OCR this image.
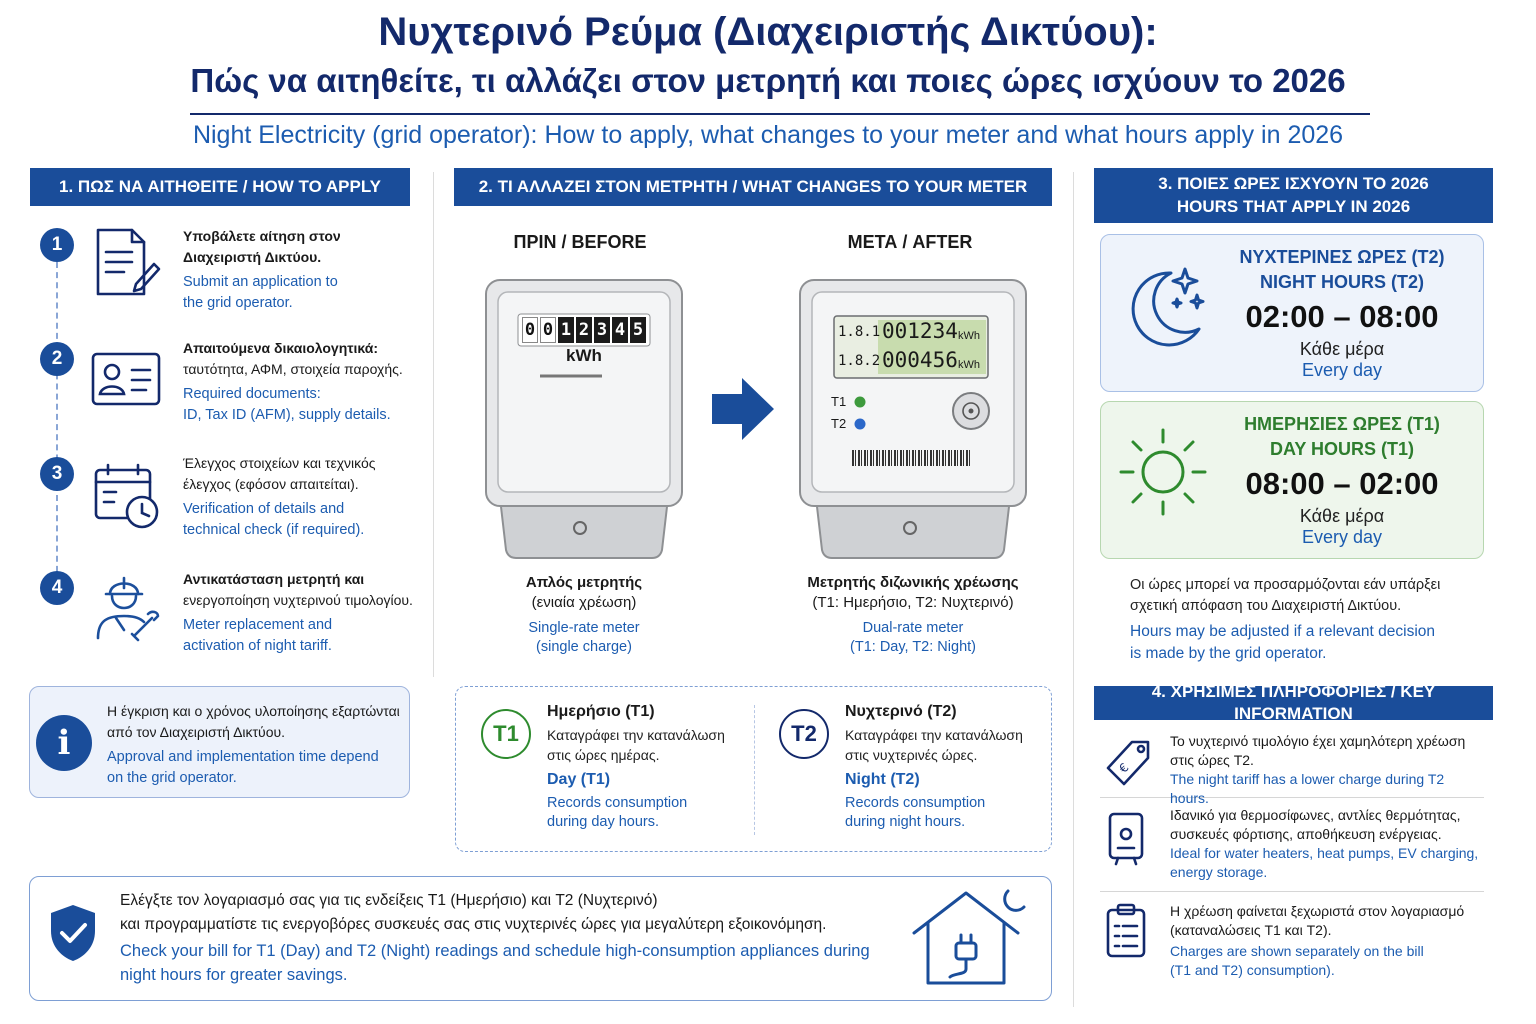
Νυχτερινό Ρεύμα (Διαχειριστής Δικτύου):
Πώς να αιτηθείτε, τι αλλάζει στον μετρητή και ποιες ώρες ισχύουν το 2026
Night Electricity (grid operator): How to apply, what changes to your meter and what hours apply in 2026
1. ΠΩΣ ΝΑ ΑΙΤΗΘΕΙΤΕ / HOW TO APPLY
1	Υποβάλετε αίτηση στον
Διαχειριστή Δικτύου.
Submit an application to
the grid operator.
2	Απαιτούμενα δικαιολογητικά:
ταυτότητα, ΑΦΜ, στοιχεία παροχής.
Required documents:
ID, Tax ID (AFM), supply details.
3	Έλεγχος στοιχείων και τεχνικός
έλεγχος (εφόσον απαιτείται).
Verification of details and
technical check (if required).
4	Αντικατάσταση μετρητή και
ενεργοποίηση νυχτερινού τιμολογίου.
Meter replacement and
activation of night tariff.
i
Η έγκριση και ο χρόνος υλοποίησης εξαρτώνται
από τον Διαχειριστή Δικτύου.
Approval and implementation time depend
on the grid operator.
2. ΤΙ ΑΛΛΑΖΕΙ ΣΤΟΝ ΜΕΤΡΗΤΗ / WHAT CHANGES TO YOUR METER
ΠΡΙΝ / BEFORE	ΜΕΤΑ / AFTER
0 0 1 2 3 4 5
kWh
1.8.1 001234 kWh
1.8.2 000456 kWh
T1
T2
Απλός μετρητής
(ενιαία χρέωση)
Single-rate meter
(single charge)
Μετρητής διζωνικής χρέωσης
(T1: Ημερήσιο, T2: Νυχτερινό)
Dual-rate meter
(T1: Day, T2: Night)
T1
Ημερήσιο (T1)
Καταγράφει την κατανάλωση
στις ώρες ημέρας.
Day (T1)
Records consumption
during day hours.
T2
Νυχτερινό (T2)
Καταγράφει την κατανάλωση
στις νυχτερινές ώρες.
Night (T2)
Records consumption
during night hours.
3. ΠΟΙΕΣ ΩΡΕΣ ΙΣΧΥΟΥΝ ΤΟ 2026
HOURS THAT APPLY IN 2026
ΝΥΧΤΕΡΙΝΕΣ ΩΡΕΣ (T2)
NIGHT HOURS (T2)
02:00 – 08:00
Κάθε μέρα
Every day
ΗΜΕΡΗΣΙΕΣ ΩΡΕΣ (T1)
DAY HOURS (T1)
08:00 – 02:00
Κάθε μέρα
Every day
Οι ώρες μπορεί να προσαρμόζονται εάν υπάρξει
σχετική απόφαση του Διαχειριστή Δικτύου.
Hours may be adjusted if a relevant decision
is made by the grid operator.
4. ΧΡΗΣΙΜΕΣ ΠΛΗΡΟΦΟΡΙΕΣ / KEY INFORMATION
€
Το νυχτερινό τιμολόγιο έχει χαμηλότερη χρέωση
στις ώρες T2.
The night tariff has a lower charge during T2 hours.
Ιδανικό για θερμοσίφωνες, αντλίες θερμότητας,
συσκευές φόρτισης, αποθήκευση ενέργειας.
Ideal for water heaters, heat pumps, EV charging,
energy storage.
Η χρέωση φαίνεται ξεχωριστά στον λογαριασμό
(καταναλώσεις T1 και T2).
Charges are shown separately on the bill
(T1 and T2) consumption).
Ελέγξτε τον λογαριασμό σας για τις ενδείξεις T1 (Ημερήσιο) και T2 (Νυχτερινό)
και προγραμματίστε τις ενεργοβόρες συσκευές σας στις νυχτερινές ώρες για μεγαλύτερη εξοικονόμηση.
Check your bill for T1 (Day) and T2 (Night) readings and schedule high-consumption appliances during
night hours for greater savings.
